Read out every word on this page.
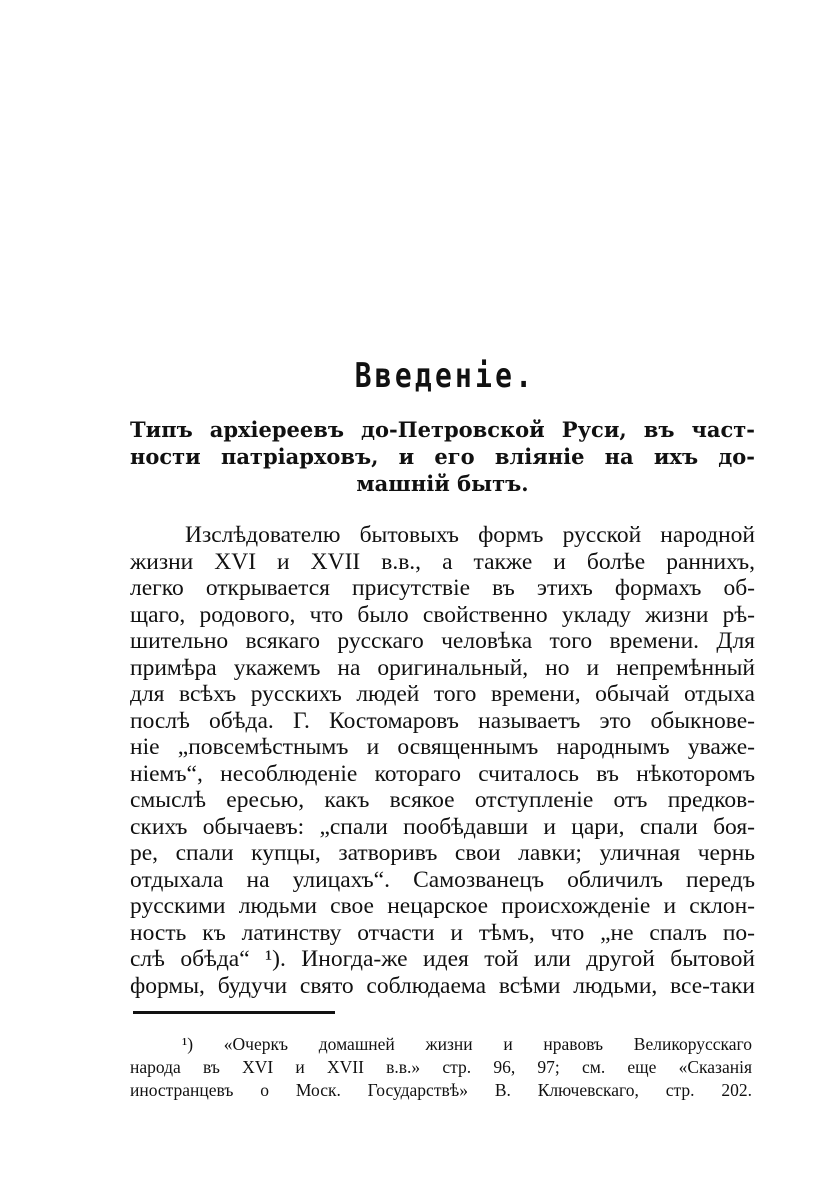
Введеніе.
Типъ архіереевъ до-Петровской Руси, въ част-
ности патріарховъ, и его вліяніе на ихъ до-
машній бытъ.
Изслѣдователю бытовыхъ формъ русской народной
жизни XVI и XVII в.в., а также и болѣе раннихъ,
легко открывается присутствіе въ этихъ формахъ об-
щаго, родового, что было свойственно укладу жизни рѣ-
шительно всякаго русскаго человѣка того времени. Для
примѣра укажемъ на оригинальный, но и непремѣнный
для всѣхъ русскихъ людей того времени, обычай отдыха
послѣ обѣда. Г. Костомаровъ называетъ это обыкнове-
ніе „повсемѣстнымъ и освященнымъ народнымъ уваже-
ніемъ“, несоблюденіе котораго считалось въ нѣкоторомъ
смыслѣ ересью, какъ всякое отступленіе отъ предков-
скихъ обычаевъ: „спали пообѣдавши и цари, спали боя-
ре, спали купцы, затворивъ свои лавки; уличная чернь
отдыхала на улицахъ“. Самозванецъ обличилъ передъ
русскими людьми свое нецарское происхожденіе и склон-
ность къ латинству отчасти и тѣмъ, что „не спалъ по-
слѣ обѣда“ ¹). Иногда-же идея той или другой бытовой
формы, будучи свято соблюдаема всѣми людьми, все-таки
¹) «Очеркъ домашней жизни и нравовъ Великорусскаго
народа въ XVI и XVII в.в.» стр. 96, 97; см. еще «Сказанія
иностранцевъ о Моск. Государствѣ» В. Ключевскаго, стр. 202.
